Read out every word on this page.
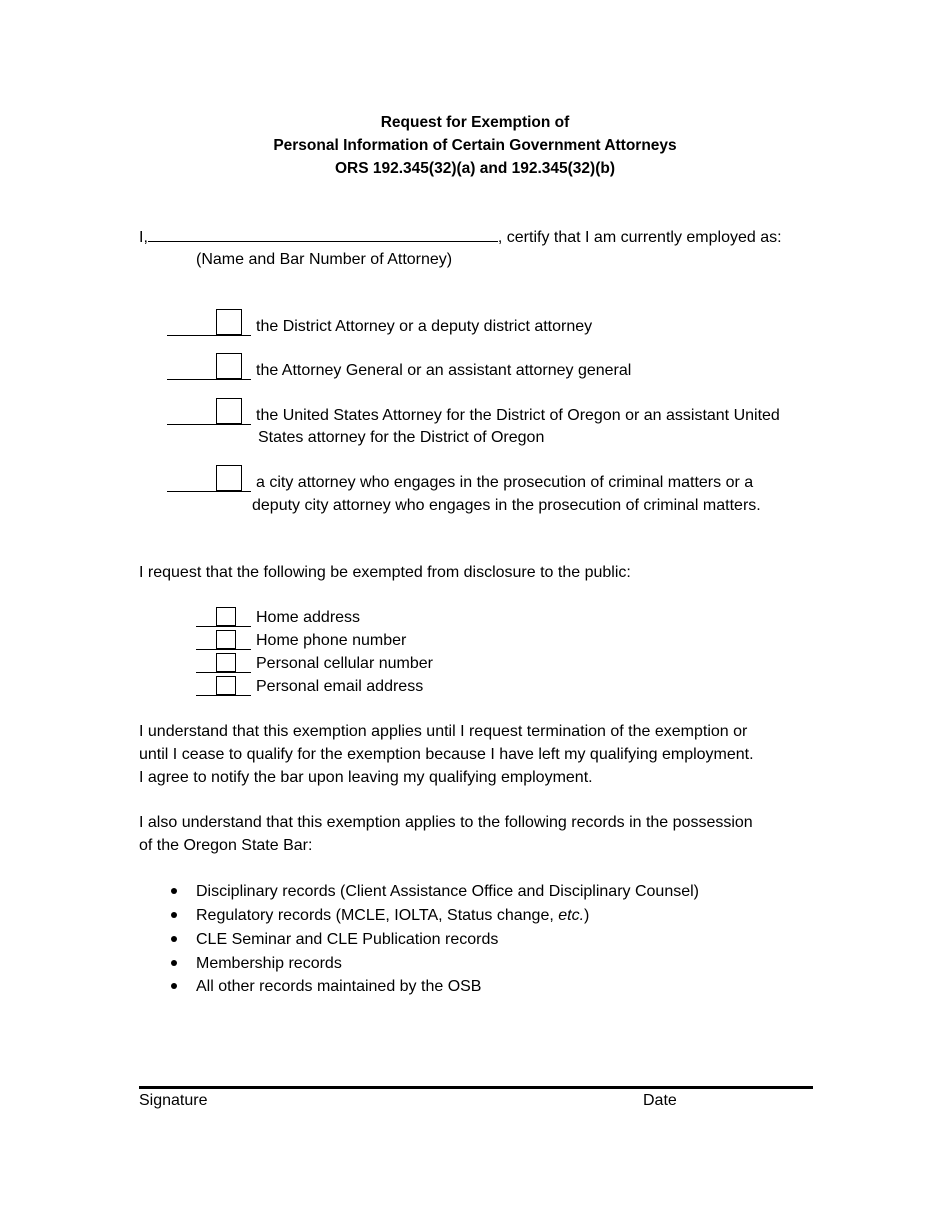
Request for Exemption of
Personal Information of Certain Government Attorneys
ORS 192.345(32)(a) and 192.345(32)(b)
I,	, certify that I am currently employed as:
(Name and Bar Number of Attorney)
the District Attorney or a deputy district attorney
the Attorney General or an assistant attorney general
the United States Attorney for the District of Oregon or an assistant United
States attorney for the District of Oregon
a city attorney who engages in the prosecution of criminal matters or a
deputy city attorney who engages in the prosecution of criminal matters.
I request that the following be exempted from disclosure to the public:
Home address
Home phone number
Personal cellular number
Personal email address
I understand that this exemption applies until I request termination of the exemption or
until I cease to qualify for the exemption because I have left my qualifying employment.
I agree to notify the bar upon leaving my qualifying employment.
I also understand that this exemption applies to the following records in the possession
of the Oregon State Bar:
Disciplinary records (Client Assistance Office and Disciplinary Counsel)
Regulatory records (MCLE, IOLTA, Status change, etc.)
CLE Seminar and CLE Publication records
Membership records
All other records maintained by the OSB
Signature	Date
